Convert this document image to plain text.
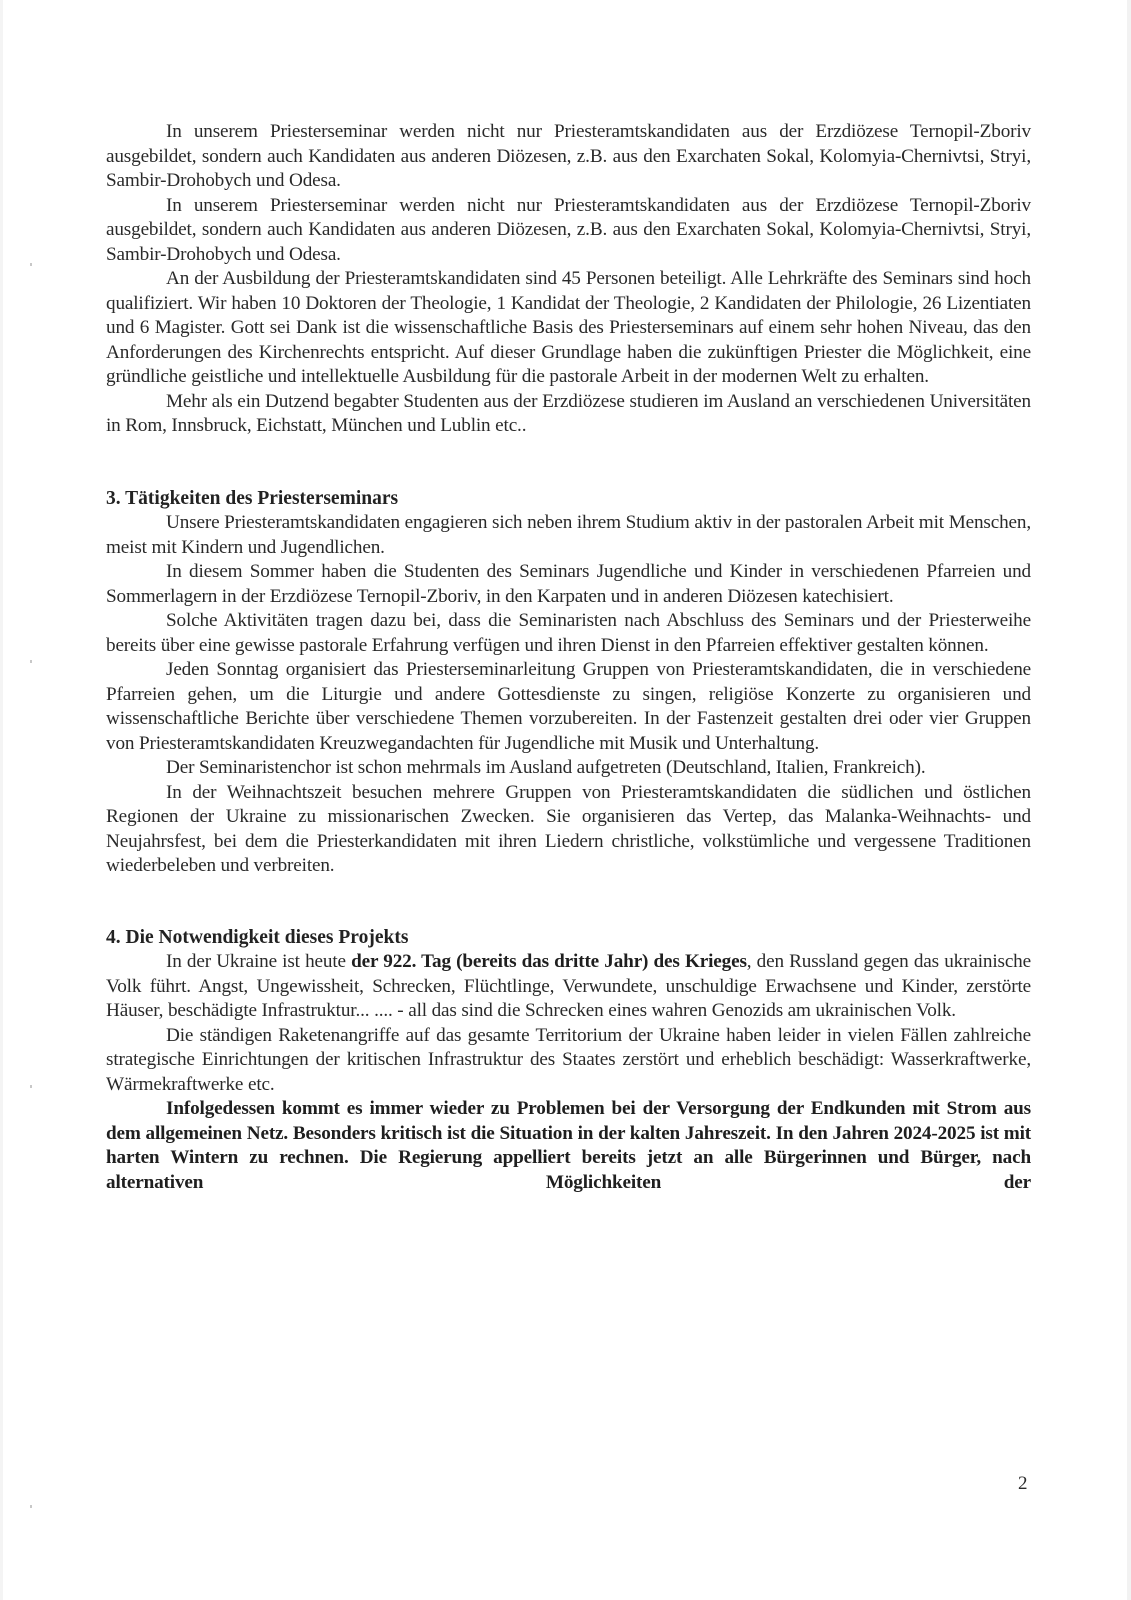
In unserem Priesterseminar werden nicht nur Priesteramtskandidaten aus der Erzdiözese Ternopil-Zboriv ausgebildet, sondern auch Kandidaten aus anderen Diözesen, z.B. aus den Exarchaten Sokal, Kolomyia-Chernivtsi, Stryi, Sambir-Drohobych und Odesa.

In unserem Priesterseminar werden nicht nur Priesteramtskandidaten aus der Erzdiözese Ternopil-Zboriv ausgebildet, sondern auch Kandidaten aus anderen Diözesen, z.B. aus den Exarchaten Sokal, Kolomyia-Chernivtsi, Stryi, Sambir-Drohobych und Odesa.

An der Ausbildung der Priesteramtskandidaten sind 45 Personen beteiligt. Alle Lehrkräfte des Seminars sind hoch qualifiziert. Wir haben 10 Doktoren der Theologie, 1 Kandidat der Theologie, 2 Kandidaten der Philologie, 26 Lizentiaten und 6 Magister. Gott sei Dank ist die wissenschaftliche Basis des Priesterseminars auf einem sehr hohen Niveau, das den Anforderungen des Kirchenrechts entspricht. Auf dieser Grundlage haben die zukünftigen Priester die Möglichkeit, eine gründliche geistliche und intellektuelle Ausbildung für die pastorale Arbeit in der modernen Welt zu erhalten.

Mehr als ein Dutzend begabter Studenten aus der Erzdiözese studieren im Ausland an verschiedenen Universitäten in Rom, Innsbruck, Eichstatt, München und Lublin etc..

3. Tätigkeiten des Priesterseminars

Unsere Priesteramtskandidaten engagieren sich neben ihrem Studium aktiv in der pastoralen Arbeit mit Menschen, meist mit Kindern und Jugendlichen.

In diesem Sommer haben die Studenten des Seminars Jugendliche und Kinder in verschiedenen Pfarreien und Sommerlagern in der Erzdiözese Ternopil-Zboriv, in den Karpaten und in anderen Diözesen katechisiert.

Solche Aktivitäten tragen dazu bei, dass die Seminaristen nach Abschluss des Seminars und der Priesterweihe bereits über eine gewisse pastorale Erfahrung verfügen und ihren Dienst in den Pfarreien effektiver gestalten können.

Jeden Sonntag organisiert das Priesterseminarleitung Gruppen von Priesteramtskandidaten, die in verschiedene Pfarreien gehen, um die Liturgie und andere Gottesdienste zu singen, religiöse Konzerte zu organisieren und wissenschaftliche Berichte über verschiedene Themen vorzubereiten. In der Fastenzeit gestalten drei oder vier Gruppen von Priesteramtskandidaten Kreuzwegandachten für Jugendliche mit Musik und Unterhaltung.

Der Seminaristenchor ist schon mehrmals im Ausland aufgetreten (Deutschland, Italien, Frankreich).

In der Weihnachtszeit besuchen mehrere Gruppen von Priesteramtskandidaten die südlichen und östlichen Regionen der Ukraine zu missionarischen Zwecken. Sie organisieren das Vertep, das Malanka-Weihnachts- und Neujahrsfest, bei dem die Priesterkandidaten mit ihren Liedern christliche, volkstümliche und vergessene Traditionen wiederbeleben und verbreiten.

4. Die Notwendigkeit dieses Projekts

In der Ukraine ist heute der 922. Tag (bereits das dritte Jahr) des Krieges, den Russland gegen das ukrainische Volk führt. Angst, Ungewissheit, Schrecken, Flüchtlinge, Verwundete, unschuldige Erwachsene und Kinder, zerstörte Häuser, beschädigte Infrastruktur... .... - all das sind die Schrecken eines wahren Genozids am ukrainischen Volk.

Die ständigen Raketenangriffe auf das gesamte Territorium der Ukraine haben leider in vielen Fällen zahlreiche strategische Einrichtungen der kritischen Infrastruktur des Staates zerstört und erheblich beschädigt: Wasserkraftwerke, Wärmekraftwerke etc.

Infolgedessen kommt es immer wieder zu Problemen bei der Versorgung der Endkunden mit Strom aus dem allgemeinen Netz. Besonders kritisch ist die Situation in der kalten Jahreszeit. In den Jahren 2024-2025 ist mit harten Wintern zu rechnen. Die Regierung appelliert bereits jetzt an alle Bürgerinnen und Bürger, nach alternativen Möglichkeiten der

2
